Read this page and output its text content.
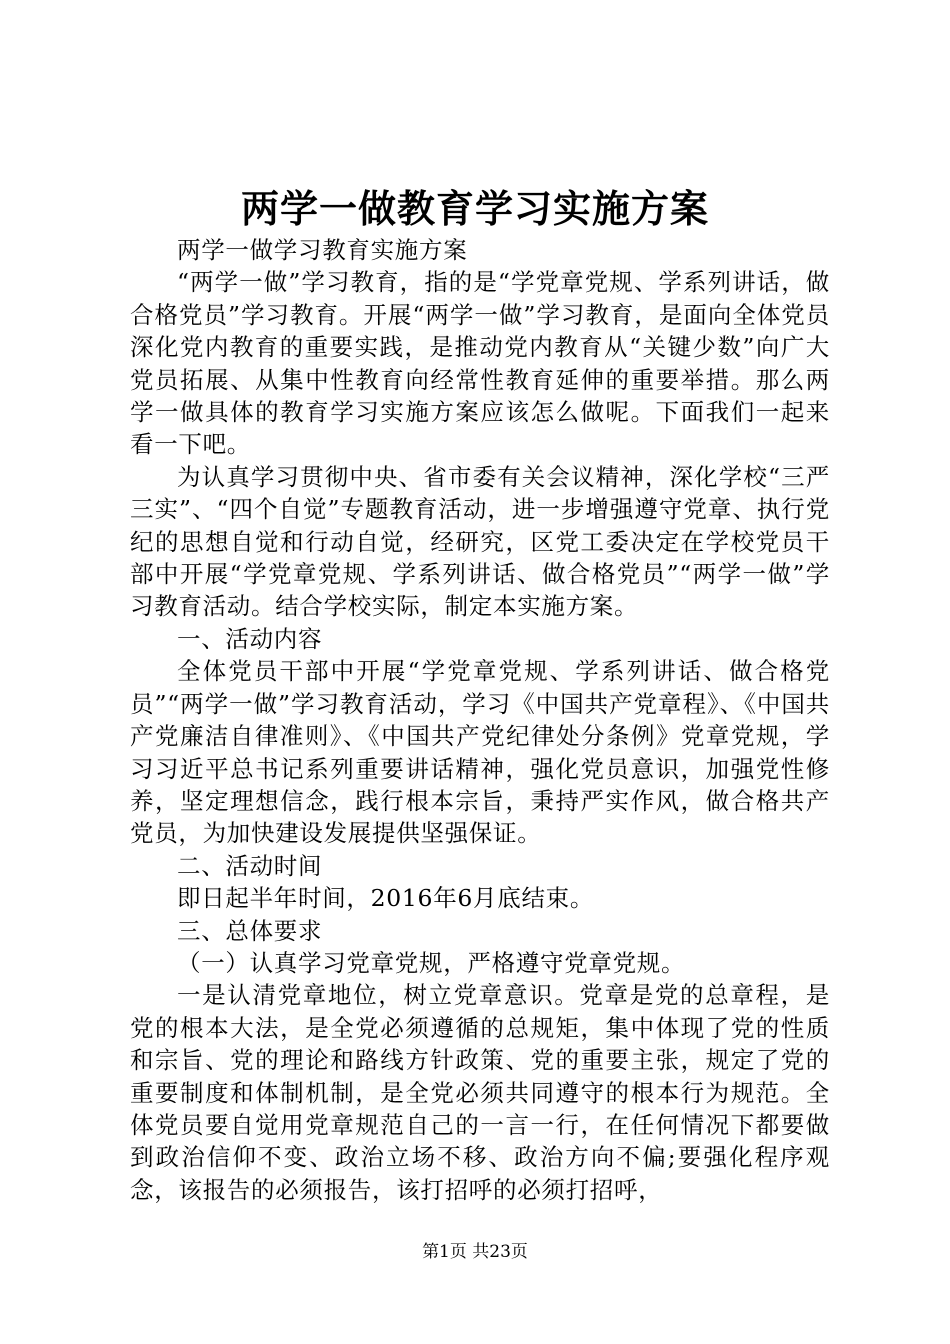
两学一做教育学习实施方案

两学一做学习教育实施方案

“两学一做”学习教育，指的是“学党章党规、学系列讲话，做合格党员”学习教育。开展“两学一做”学习教育，是面向全体党员深化党内教育的重要实践，是推动党内教育从“关键少数”向广大党员拓展、从集中性教育向经常性教育延伸的重要举措。那么两学一做具体的教育学习实施方案应该怎么做呢。下面我们一起来看一下吧。

为认真学习贯彻中央、省市委有关会议精神，深化学校“三严三实”、“四个自觉”专题教育活动，进一步增强遵守党章、执行党纪的思想自觉和行动自觉，经研究，区党工委决定在学校党员干部中开展“学党章党规、学系列讲话、做合格党员”“两学一做”学习教育活动。结合学校实际，制定本实施方案。

一、活动内容

全体党员干部中开展“学党章党规、学系列讲话、做合格党员”“两学一做”学习教育活动，学习《中国共产党章程》、《中国共产党廉洁自律准则》、《中国共产党纪律处分条例》党章党规，学习习近平总书记系列重要讲话精神，强化党员意识，加强党性修养，坚定理想信念，践行根本宗旨，秉持严实作风，做合格共产党员，为加快建设发展提供坚强保证。

二、活动时间

即日起半年时间，2016年6月底结束。

三、总体要求

（一）认真学习党章党规，严格遵守党章党规。

一是认清党章地位，树立党章意识。党章是党的总章程，是党的根本大法，是全党必须遵循的总规矩，集中体现了党的性质和宗旨、党的理论和路线方针政策、党的重要主张，规定了党的重要制度和体制机制，是全党必须共同遵守的根本行为规范。全体党员要自觉用党章规范自己的一言一行，在任何情况下都要做到政治信仰不变、政治立场不移、政治方向不偏;要强化程序观念，该报告的必须报告，该打招呼的必须打招呼，

第1页 共23页
